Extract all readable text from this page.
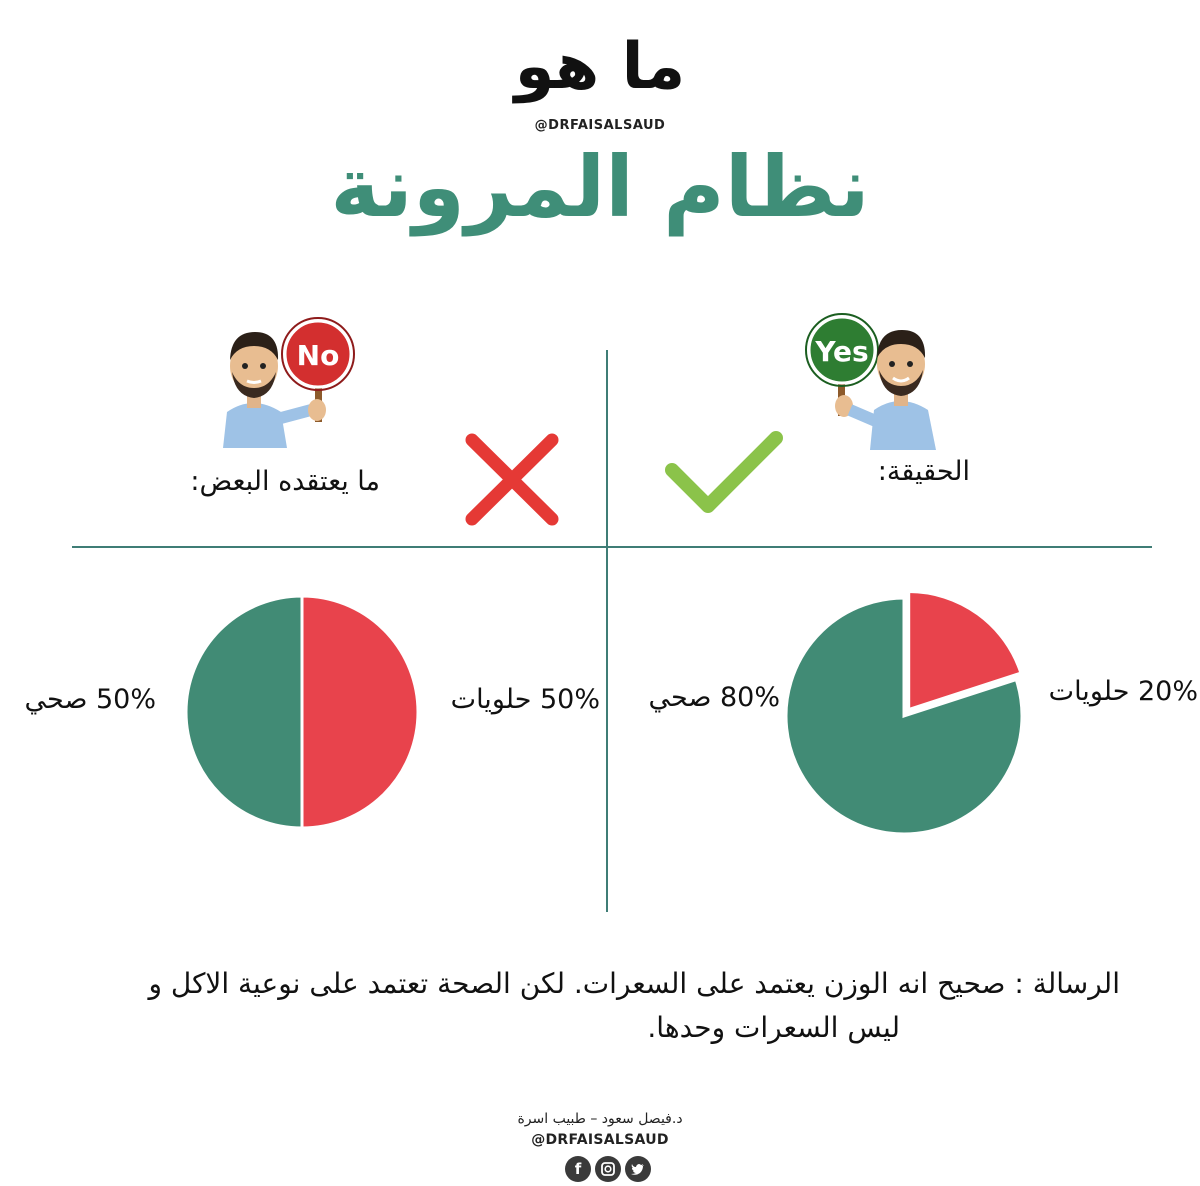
ما هو
@DRFAISALSAUD
نظام المرونة
Yes
No
الحقيقة:
ما يعتقده البعض:
20% حلويات
80% صحي
50% حلويات
50% صحي
الرسالة : صحيح انه الوزن يعتمد على السعرات. لكن الصحة تعتمد على نوعية الاكل و
ليس السعرات وحدها.
د.فيصل سعود – طبيب اسرة
@DRFAISALSAUD
f
